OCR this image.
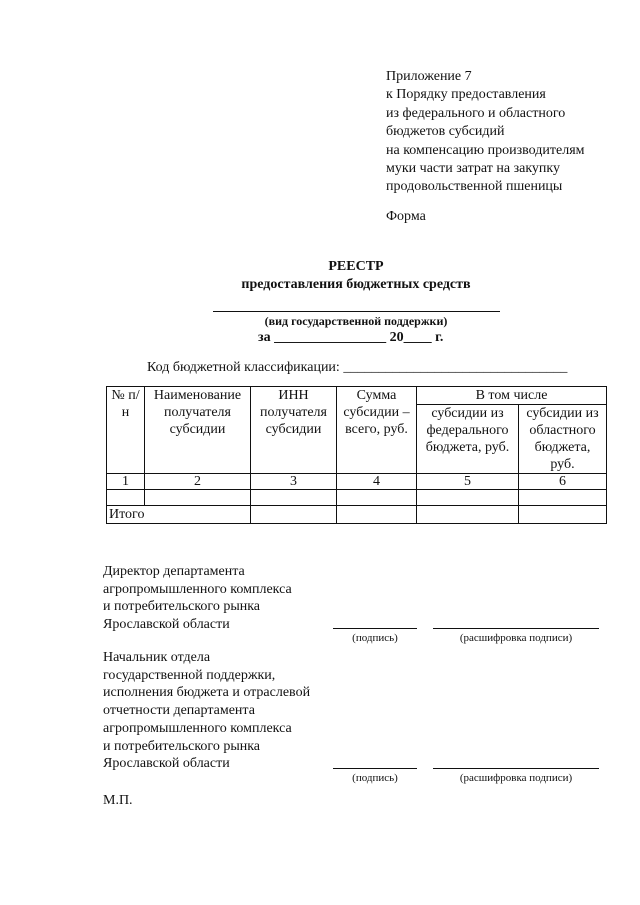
Приложение 7
к Порядку предоставления
из федерального и областного
бюджетов субсидий
на компенсацию производителям
муки части затрат на закупку
продовольственной пшеницы
Форма
РЕЕСТР
предоставления бюджетных средств
(вид государственной поддержки)
за ________________ 20____ г.
Код бюджетной классификации: ________________________________
№ п/н	Наименование получателя субсидии	ИНН получателя субсидии	Сумма субсидии – всего, руб.	В том числе	
				субсидии из федерального бюджета, руб.	субсидии из областного бюджета, руб.
1	2	3	4	5	6

Итого					
Директор департамента
агропромышленного комплекса
и потребительского рынка
Ярославской области
(подпись)	(расшифровка подписи)
Начальник отдела
государственной поддержки,
исполнения бюджета и отраслевой
отчетности департамента
агропромышленного комплекса
и потребительского рынка
Ярославской области
(подпись)	(расшифровка подписи)
М.П.
